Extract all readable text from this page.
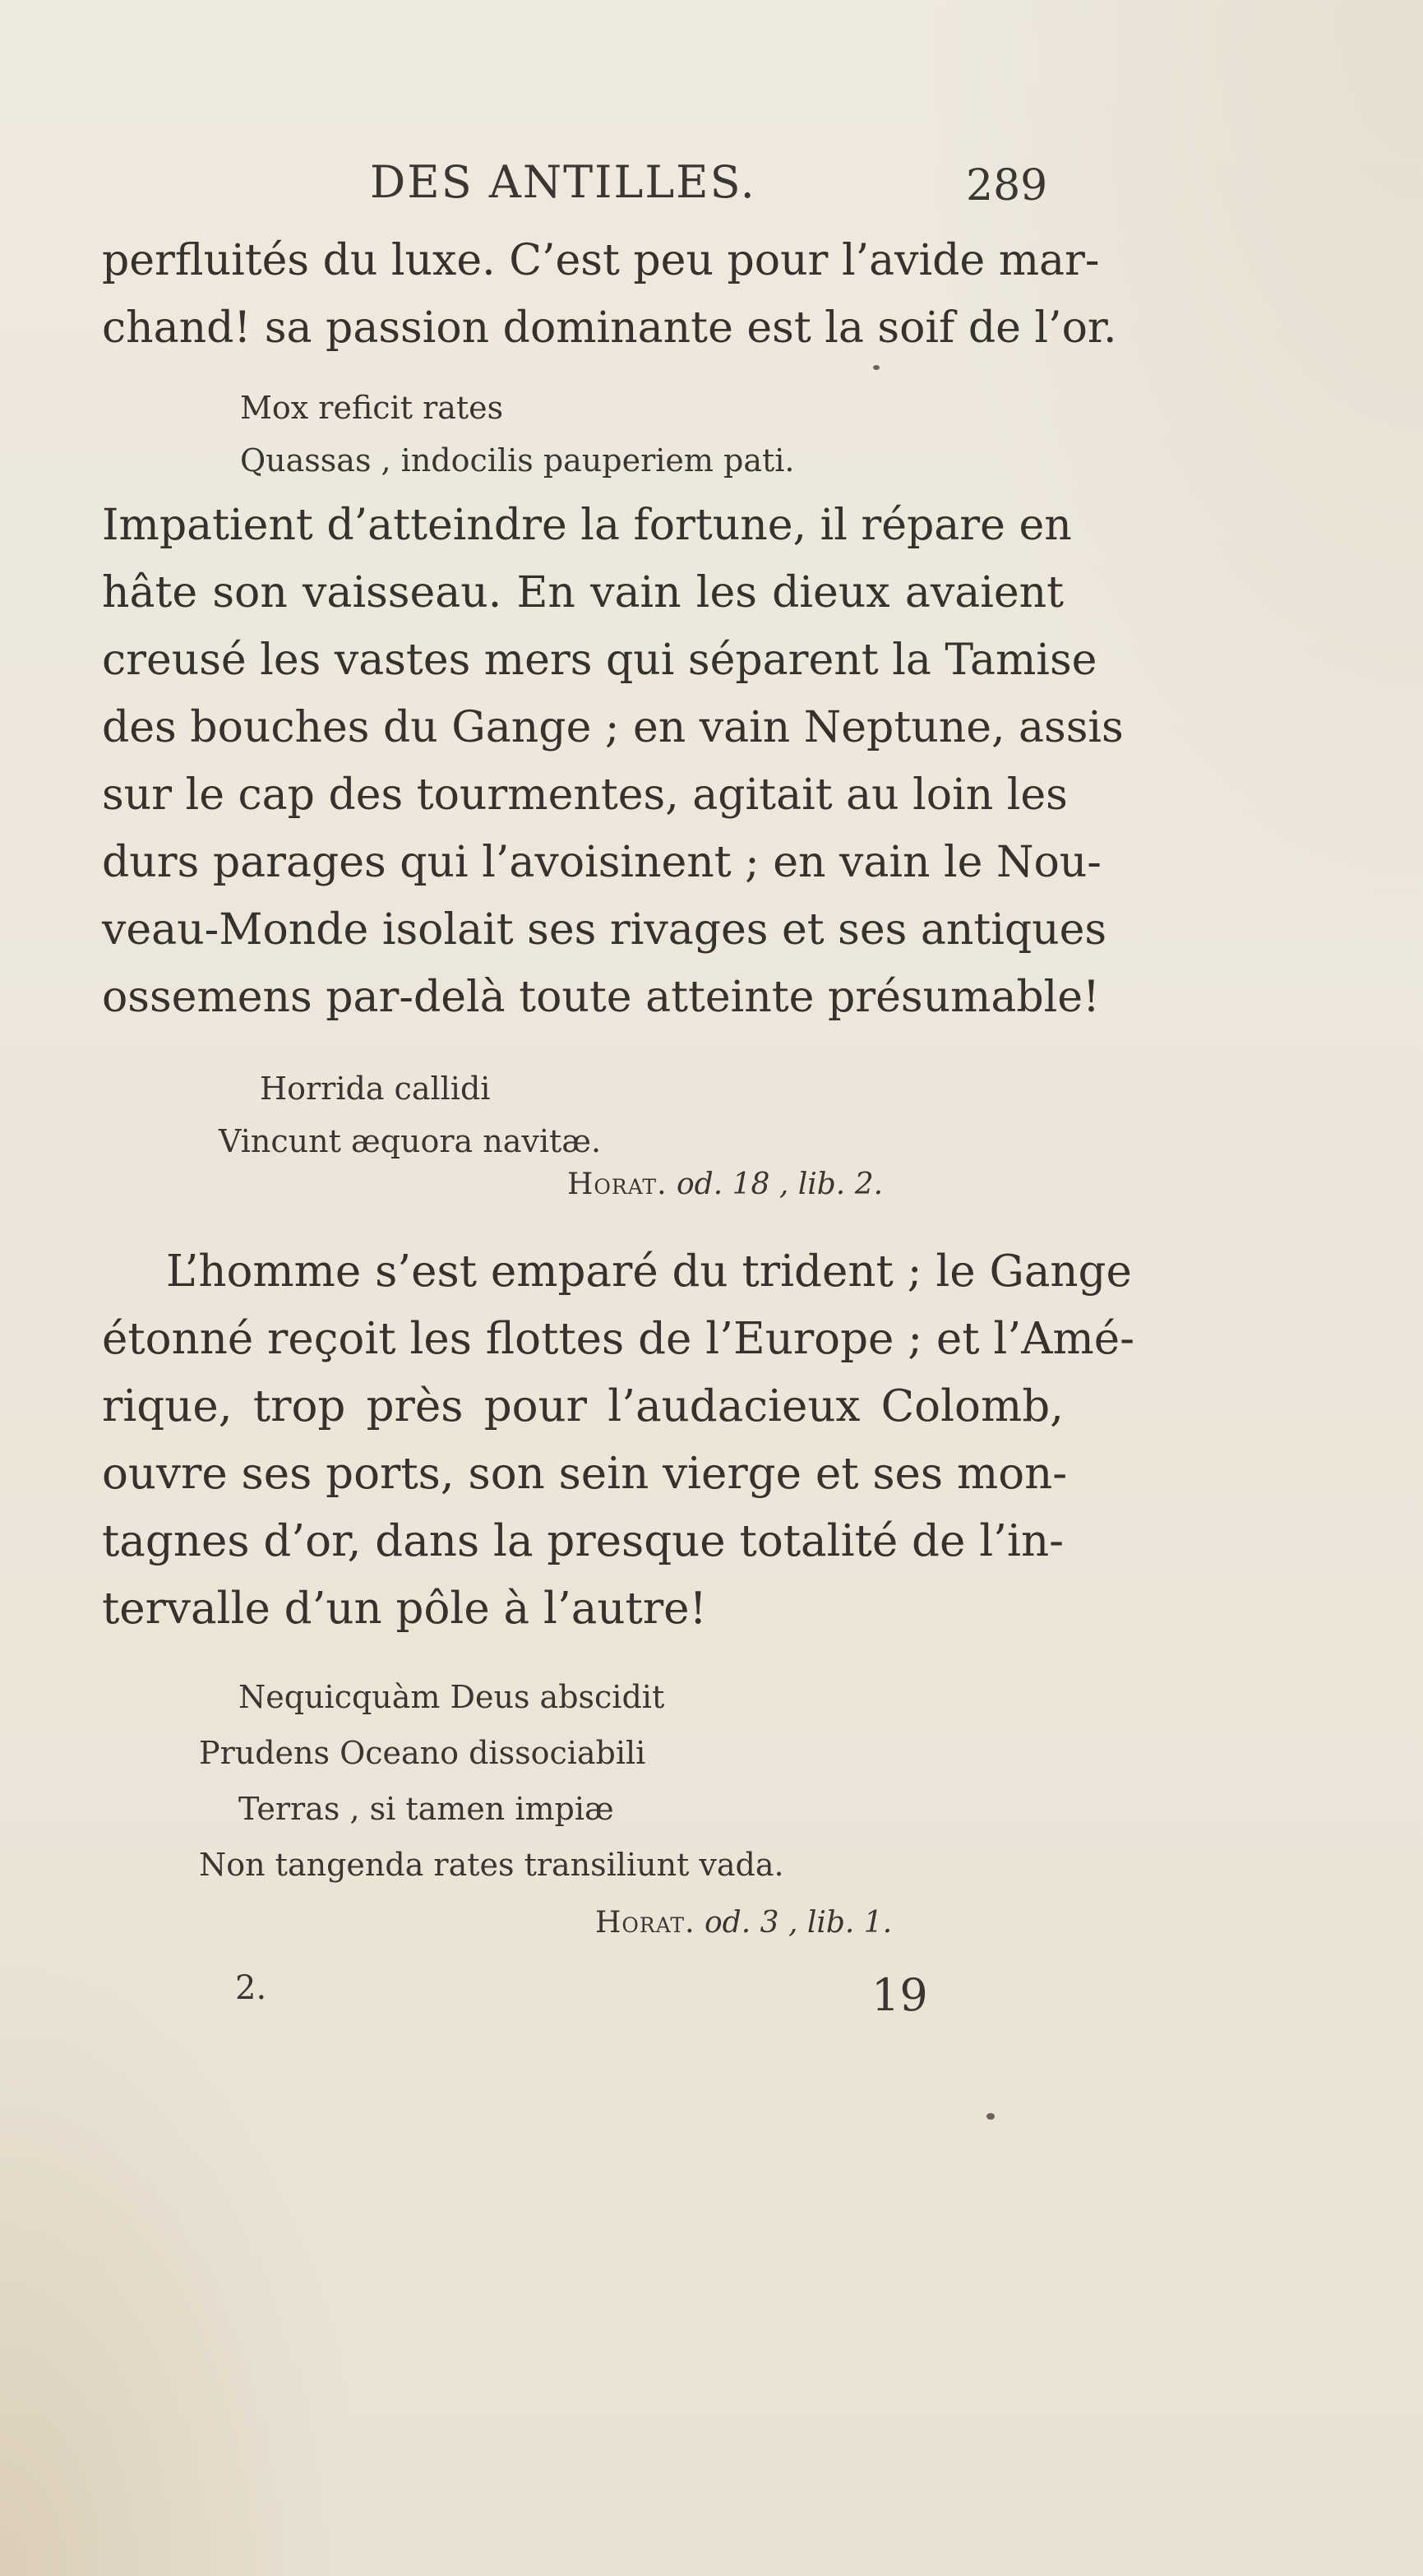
DES ANTILLES.	289
perfluités du luxe. C’est peu pour l’avide mar-
chand! sa passion dominante est la soif de l’or.
Mox reficit rates
Quassas , indocilis pauperiem pati.
Impatient d’atteindre la fortune, il répare en
hâte son vaisseau. En vain les dieux avaient
creusé les vastes mers qui séparent la Tamise
des bouches du Gange ; en vain Neptune, assis
sur le cap des tourmentes, agitait au loin les
durs parages qui l’avoisinent ; en vain le Nou-
veau-Monde isolait ses rivages et ses antiques
ossemens par-delà toute atteinte présumable!
Horrida callidi
Vincunt æquora navitæ.
Horat. od. 18 , lib. 2.
L’homme s’est emparé du trident ; le Gange
étonné reçoit les flottes de l’Europe ; et l’Amé-
rique, trop près pour l’audacieux Colomb,
ouvre ses ports, son sein vierge et ses mon-
tagnes d’or, dans la presque totalité de l’in-
tervalle d’un pôle à l’autre!
Nequicquàm Deus abscidit
Prudens Oceano dissociabili
Terras , si tamen impiæ
Non tangenda rates transiliunt vada.
Horat. od. 3 , lib. 1.
2.	19
